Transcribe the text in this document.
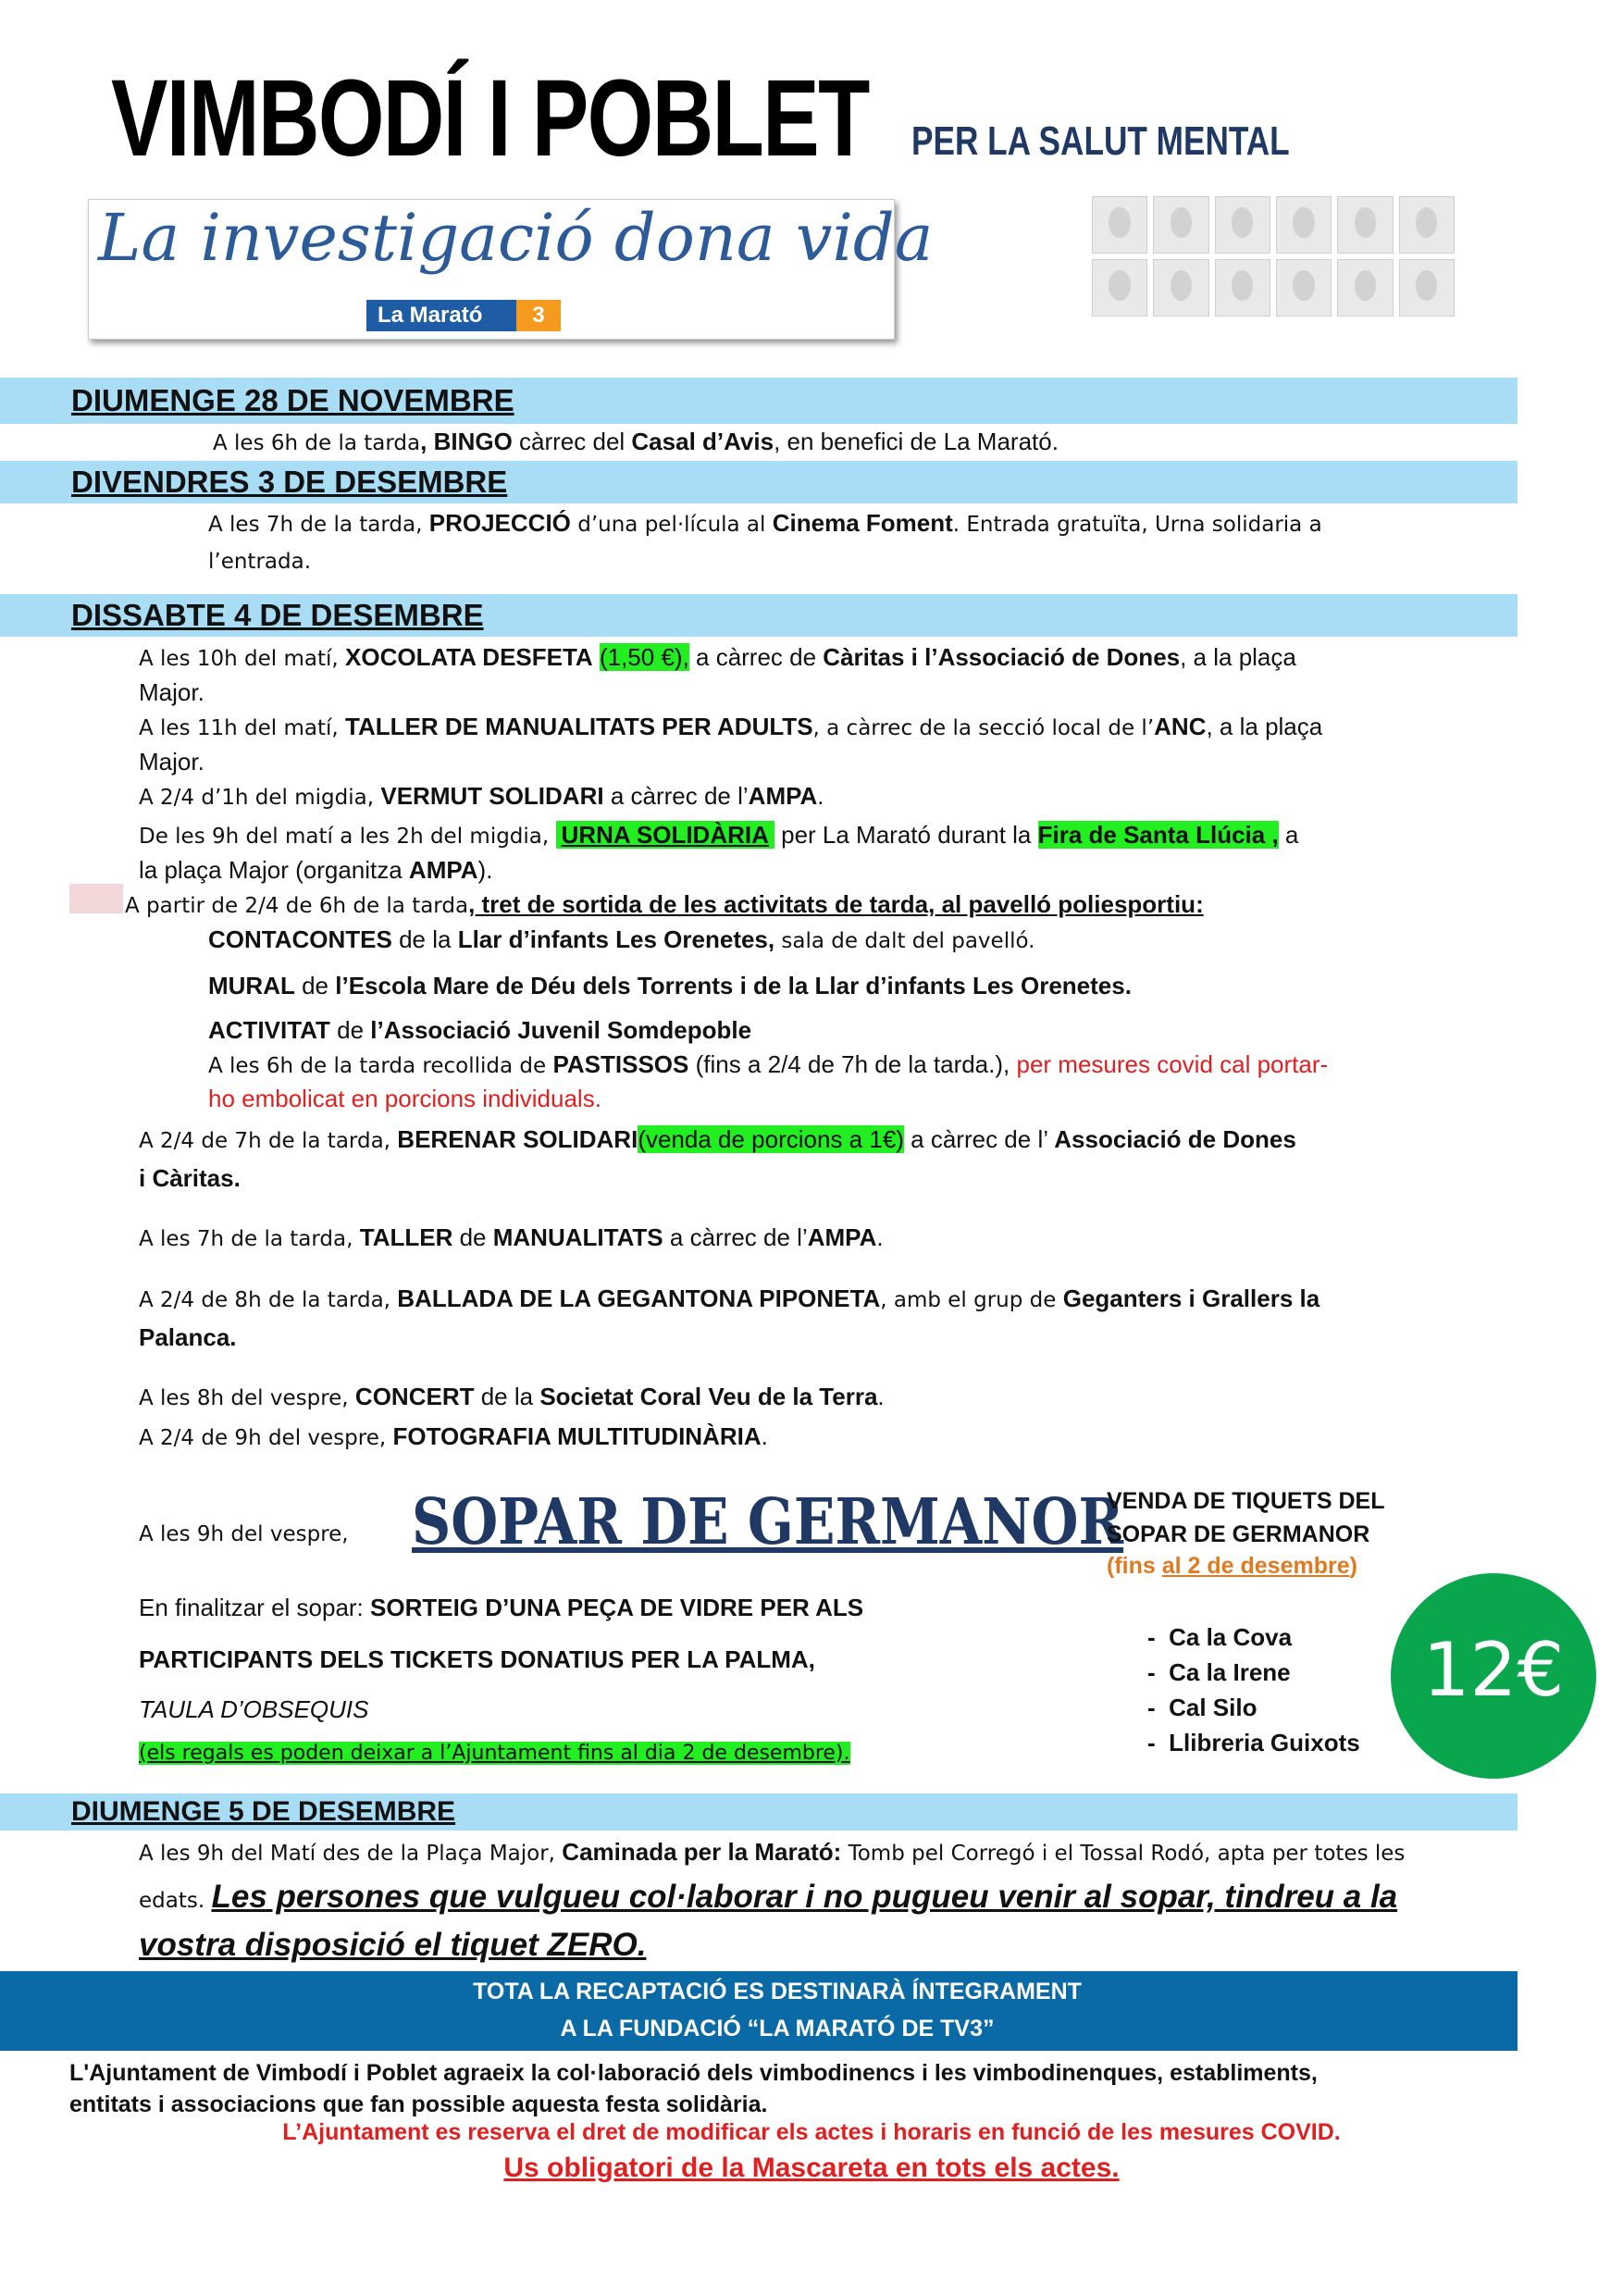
VIMBODÍ I POBLET PER LA SALUT MENTAL
La investigació dona vida
La Marató	3
DIUMENGE 28 DE NOVEMBRE
A les 6h de la tarda, BINGO càrrec del Casal d’Avis, en benefici de La Marató.
DIVENDRES 3 DE DESEMBRE
A les 7h de la tarda, PROJECCIÓ d’una pel·lícula al Cinema Foment. Entrada gratuïta, Urna solidaria a
l’entrada.
DISSABTE 4 DE DESEMBRE
A les 10h del matí, XOCOLATA DESFETA (1,50 €), a càrrec de Càritas i l’Associació de Dones, a la plaça
Major.
A les 11h del matí, TALLER DE MANUALITATS PER ADULTS, a càrrec de la secció local de l’ANC, a la plaça
Major.
A 2/4 d’1h del migdia, VERMUT SOLIDARI a càrrec de l’AMPA.
De les 9h del matí a les 2h del migdia, URNA SOLIDÀRIA per La Marató durant la Fira de Santa Llúcia , a
la plaça Major (organitza AMPA).
A partir de 2/4 de 6h de la tarda, tret de sortida de les activitats de tarda, al pavelló poliesportiu:
CONTACONTES de la Llar d’infants Les Orenetes, sala de dalt del pavelló.
MURAL de l’Escola Mare de Déu dels Torrents i de la Llar d’infants Les Orenetes.
ACTIVITAT de l’Associació Juvenil Somdepoble
A les 6h de la tarda recollida de PASTISSOS (fins a 2/4 de 7h de la tarda.), per mesures covid cal portar-
ho embolicat en porcions individuals.
A 2/4 de 7h de la tarda, BERENAR SOLIDARI(venda de porcions a 1€) a càrrec de l’ Associació de Dones
i Càritas.
A les 7h de la tarda, TALLER de MANUALITATS a càrrec de l’AMPA.
A 2/4 de 8h de la tarda, BALLADA DE LA GEGANTONA PIPONETA, amb el grup de Geganters i Grallers la
Palanca.
A les 8h del vespre, CONCERT de la Societat Coral Veu de la Terra.
A 2/4 de 9h del vespre, FOTOGRAFIA MULTITUDINÀRIA.
A les 9h del vespre, SOPAR DE GERMANOR
En finalitzar el sopar: SORTEIG D’UNA PEÇA DE VIDRE PER ALS
PARTICIPANTS DELS TICKETS DONATIUS PER LA PALMA,
TAULA D’OBSEQUIS
(els regals es poden deixar a l’Ajuntament fins al dia 2 de desembre).
VENDA DE TIQUETS DEL
SOPAR DE GERMANOR
(fins al 2 de desembre)
-  Ca la Cova
-  Ca la Irene
-  Cal Silo
-  Llibreria Guixots
12€
DIUMENGE 5 DE DESEMBRE
A les 9h del Matí des de la Plaça Major, Caminada per la Marató: Tomb pel Corregó i el Tossal Rodó, apta per totes les
edats. Les persones que vulgueu col·laborar i no pugueu venir al sopar, tindreu a la
vostra disposició el tiquet ZERO.
TOTA LA RECAPTACIÓ ES DESTINARÀ ÍNTEGRAMENT
A LA FUNDACIÓ “LA MARATÓ DE TV3”
L'Ajuntament de Vimbodí i Poblet agraeix la col·laboració dels vimbodinencs i les vimbodinenques, establiments,
entitats i associacions que fan possible aquesta festa solidària.
L’Ajuntament es reserva el dret de modificar els actes i horaris en funció de les mesures COVID.
Us obligatori de la Mascareta en tots els actes.
